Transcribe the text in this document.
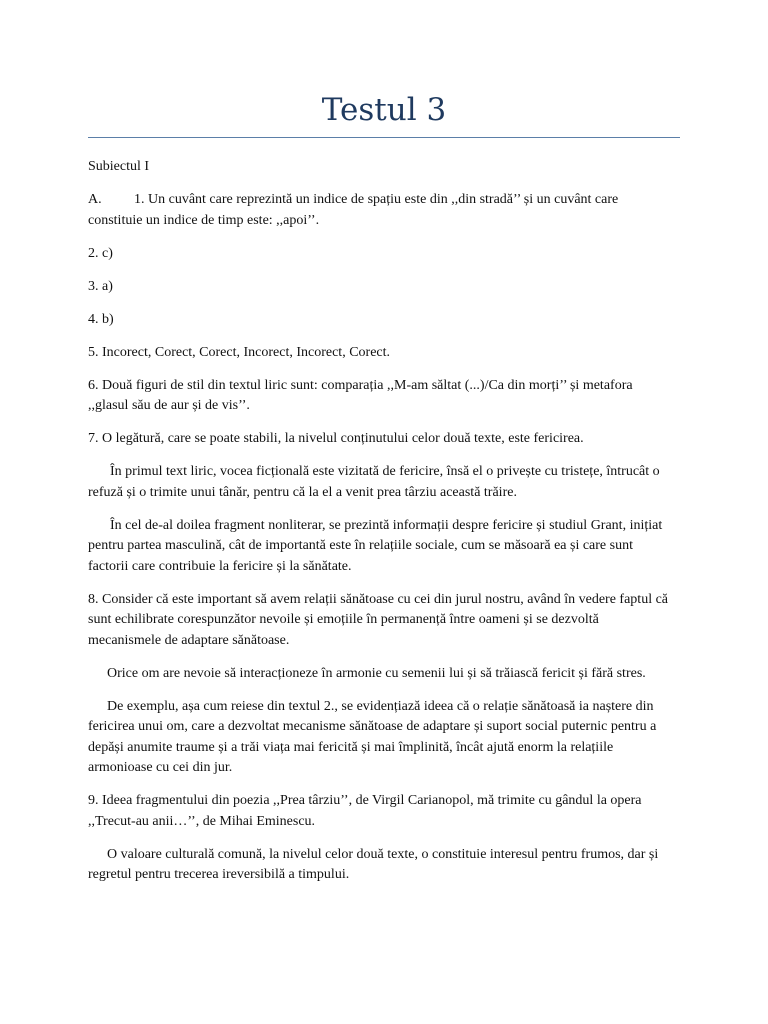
Testul 3

Subiectul I

A. 1. Un cuvânt care reprezintă un indice de spațiu este din ,,din stradă’’ și un cuvânt care constituie un indice de timp este: ,,apoi’’.

2. c)

3. a)

4. b)

5. Incorect, Corect, Corect, Incorect, Incorect, Corect.

6. Două figuri de stil din textul liric sunt: comparația ,,M-am săltat (...)/Ca din morți’’ și metafora ,,glasul său de aur și de vis’’.

7. O legătură, care se poate stabili, la nivelul conținutului celor două texte, este fericirea.

În primul text liric, vocea ficțională este vizitată de fericire, însă el o privește cu tristețe, întrucât o refuză și o trimite unui tânăr, pentru că la el a venit prea târziu această trăire.

În cel de-al doilea fragment nonliterar, se prezintă informații despre fericire și studiul Grant, inițiat pentru partea masculină, cât de importantă este în relațiile sociale, cum se măsoară ea și care sunt factorii care contribuie la fericire și la sănătate.

8. Consider că este important să avem relații sănătoase cu cei din jurul nostru, având în vedere faptul că sunt echilibrate corespunzător nevoile și emoțiile în permanență între oameni și se dezvoltă mecanismele de adaptare sănătoase.

Orice om are nevoie să interacționeze în armonie cu semenii lui și să trăiască fericit și fără stres.

De exemplu, așa cum reiese din textul 2., se evidențiază ideea că o relație sănătoasă ia naștere din fericirea unui om, care a dezvoltat mecanisme sănătoase de adaptare și suport social puternic pentru a depăși anumite traume și a trăi viața mai fericită și mai împlinită, încât ajută enorm la relațiile armonioase cu cei din jur.

9. Ideea fragmentului din poezia ,,Prea târziu’’, de Virgil Carianopol, mă trimite cu gândul la opera ,,Trecut-au anii…’’, de Mihai Eminescu.

O valoare culturală comună, la nivelul celor două texte, o constituie interesul pentru frumos, dar și regretul pentru trecerea ireversibilă a timpului.
